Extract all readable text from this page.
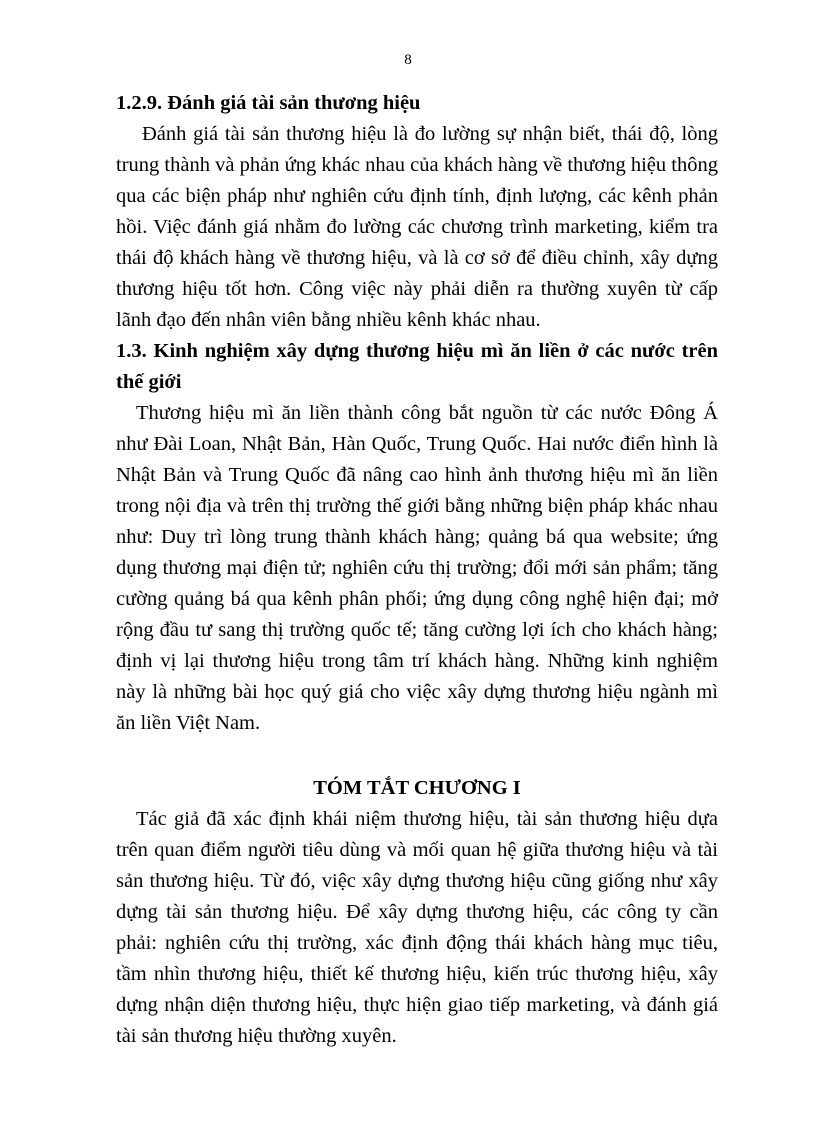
8
1.2.9. Đánh giá tài sản thương hiệu

Đánh giá tài sản thương hiệu là đo lường sự nhận biết, thái độ, lòng trung thành và phản ứng khác nhau của khách hàng về thương hiệu thông qua các biện pháp như nghiên cứu định tính, định lượng, các kênh phản hồi. Việc đánh giá nhằm đo lường các chương trình marketing, kiểm tra thái độ khách hàng về thương hiệu, và là cơ sở để điều chỉnh, xây dựng thương hiệu tốt hơn. Công việc này phải diễn ra thường xuyên từ cấp lãnh đạo đến nhân viên bằng nhiều kênh khác nhau.

1.3. Kinh nghiệm xây dựng thương hiệu mì ăn liền ở các nước trên thế giới

Thương hiệu mì ăn liền thành công bắt nguồn từ các nước Đông Á như Đài Loan, Nhật Bản, Hàn Quốc, Trung Quốc. Hai nước điển hình là Nhật Bản và Trung Quốc đã nâng cao hình ảnh thương hiệu mì ăn liền trong nội địa và trên thị trường thế giới bằng những biện pháp khác nhau như: Duy trì lòng trung thành khách hàng; quảng bá qua website; ứng dụng thương mại điện tử; nghiên cứu thị trường; đổi mới sản phẩm; tăng cường quảng bá qua kênh phân phối; ứng dụng công nghệ hiện đại; mở rộng đầu tư sang thị trường quốc tế; tăng cường lợi ích cho khách hàng; định vị lại thương hiệu trong tâm trí khách hàng. Những kinh nghiệm này là những bài học quý giá cho việc xây dựng thương hiệu ngành mì ăn liền Việt Nam.

TÓM TẮT CHƯƠNG I

Tác giả đã xác định khái niệm thương hiệu, tài sản thương hiệu dựa trên quan điểm người tiêu dùng và mối quan hệ giữa thương hiệu và tài sản thương hiệu. Từ đó, việc xây dựng thương hiệu cũng giống như xây dựng tài sản thương hiệu. Để xây dựng thương hiệu, các công ty cần phải: nghiên cứu thị trường, xác định động thái khách hàng mục tiêu, tầm nhìn thương hiệu, thiết kế thương hiệu, kiến trúc thương hiệu, xây dựng nhận diện thương hiệu, thực hiện giao tiếp marketing, và đánh giá tài sản thương hiệu thường xuyên.
